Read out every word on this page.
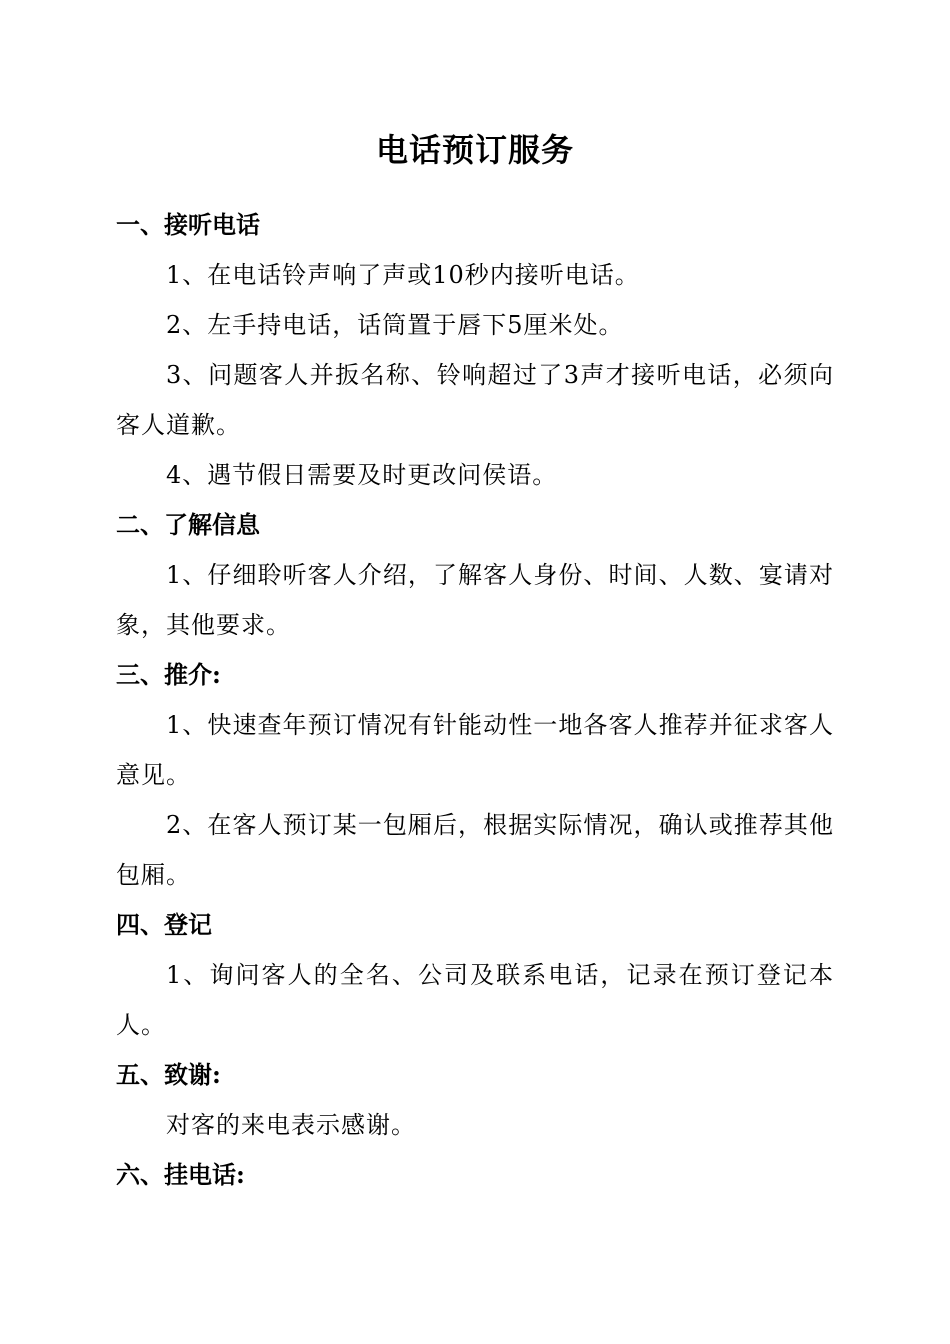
电话预订服务
一、接听电话

1、在电话铃声响了声或10秒内接听电话。

2、左手持电话，话筒置于唇下5厘米处。

3、问题客人并扳名称、铃响超过了3声才接听电话，必须向客人道歉。

4、遇节假日需要及时更改问侯语。

二、了解信息

1、仔细聆听客人介绍，了解客人身份、时间、人数、宴请对象，其他要求。

三、推介:

1、快速查年预订情况有针能动性一地各客人推荐并征求客人意见。

2、在客人预订某一包厢后，根据实际情况，确认或推荐其他包厢。

四、登记

1、询问客人的全名、公司及联系电话，记录在预订登记本人。

五、致谢:

对客的来电表示感谢。

六、挂电话:
